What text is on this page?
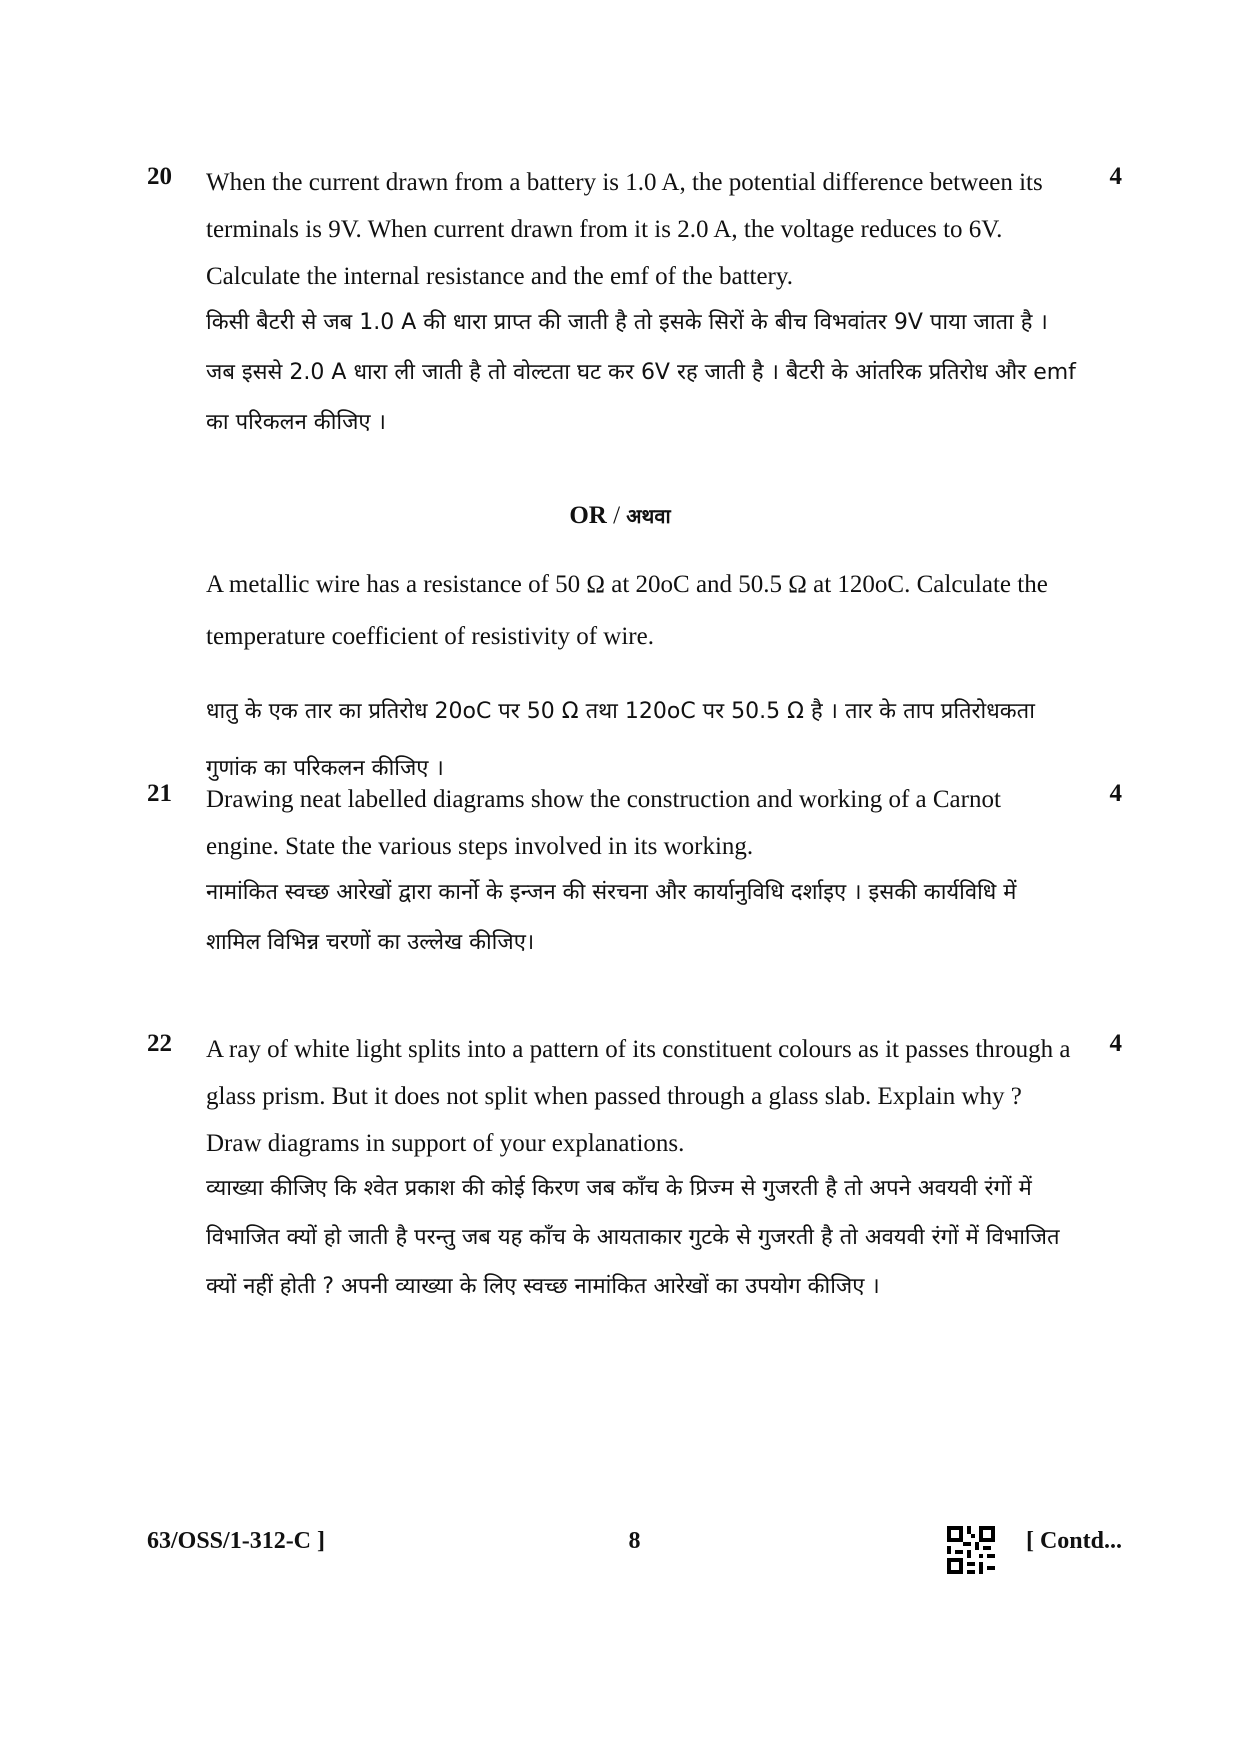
20	4

When the current drawn from a battery is 1.0 A, the potential difference between its terminals is 9V. When current drawn from it is 2.0 A, the voltage reduces to 6V. Calculate the internal resistance and the emf of the battery.

किसी बैटरी से जब 1.0 A की धारा प्राप्त की जाती है तो इसके सिरों के बीच विभवांतर 9V पाया जाता है । जब इससे 2.0 A धारा ली जाती है तो वोल्टता घट कर 6V रह जाती है । बैटरी के आंतरिक प्रतिरोध और emf का परिकलन कीजिए ।

OR / अथवा

A metallic wire has a resistance of 50 Ω at 20oC and 50.5 Ω at 120oC. Calculate the temperature coefficient of resistivity of wire.

धातु के एक तार का प्रतिरोध 20oC पर 50 Ω तथा 120oC पर 50.5 Ω है । तार के ताप प्रतिरोधकता गुणांक का परिकलन कीजिए ।

21	4

Drawing neat labelled diagrams show the construction and working of a Carnot engine. State the various steps involved in its working.

नामांकित स्वच्छ आरेखों द्वारा कार्नो के इन्जन की संरचना और कार्यानुविधि दर्शाइए । इसकी कार्यविधि में शामिल विभिन्न चरणों का उल्लेख कीजिए।

22	4

A ray of white light splits into a pattern of its constituent colours as it passes through a glass prism. But it does not split when passed through a glass slab. Explain why ? Draw diagrams in support of your explanations.

व्याख्या कीजिए कि श्वेत प्रकाश की कोई किरण जब काँच के प्रिज्म से गुजरती है तो अपने अवयवी रंगों में विभाजित क्यों हो जाती है परन्तु जब यह काँच के आयताकार गुटके से गुजरती है तो अवयवी रंगों में विभाजित क्यों नहीं होती ? अपनी व्याख्या के लिए स्वच्छ नामांकित आरेखों का उपयोग कीजिए ।

63/OSS/1-312-C ]	8	[ Contd...
